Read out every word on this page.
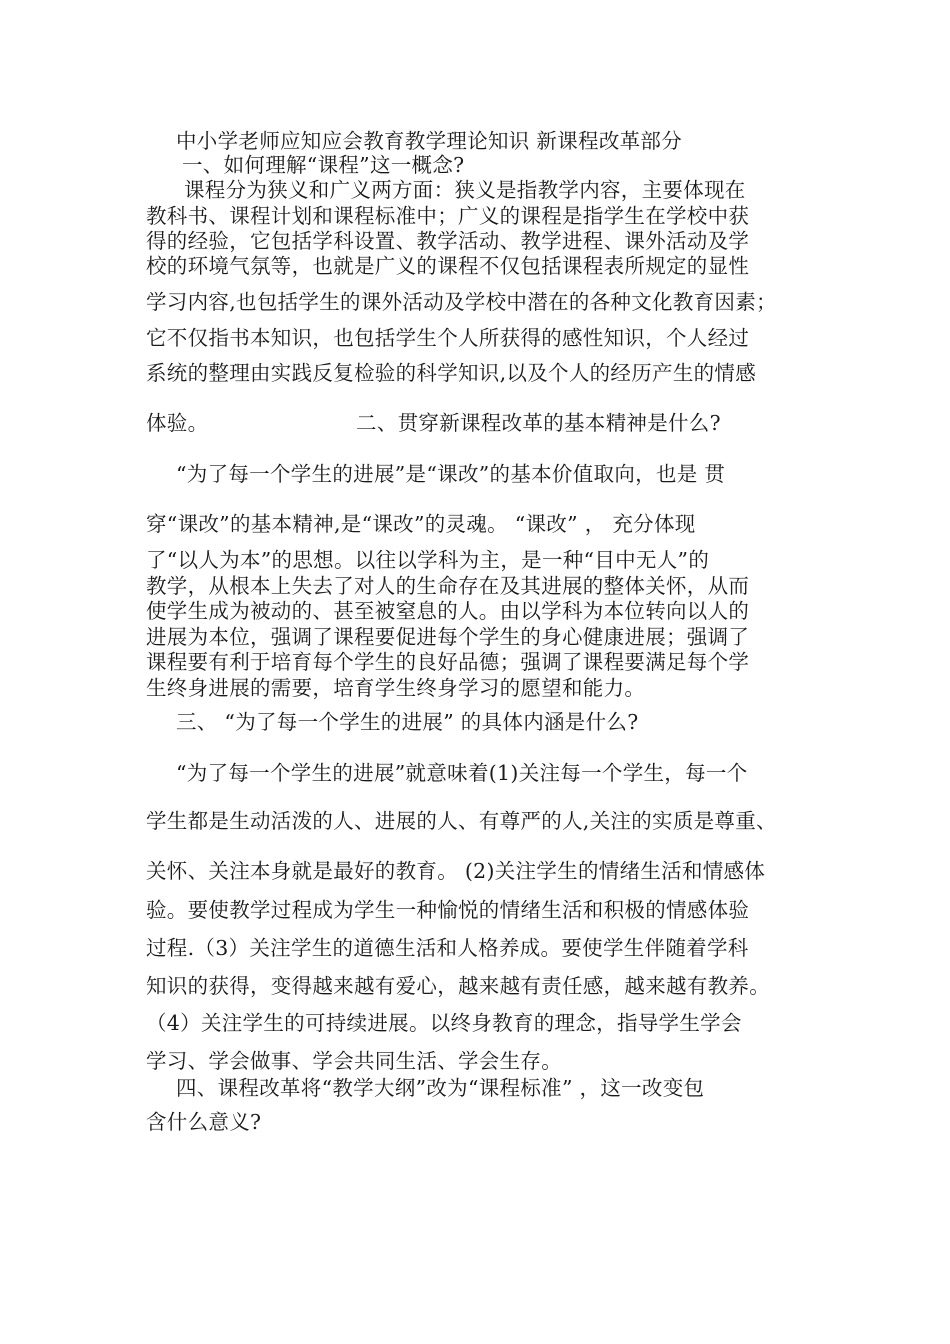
中小学老师应知应会教育教学理论知识 新课程改革部分
一、如何理解“课程”这一概念?
课程分为狭义和广义两方面：狭义是指教学内容，主要体现在
教科书、课程计划和课程标准中；广义的课程是指学生在学校中获
得的经验，它包括学科设置、教学活动、教学进程、课外活动及学
校的环境气氛等，也就是广义的课程不仅包括课程表所规定的显性
学习内容,也包括学生的课外活动及学校中潜在的各种文化教育因素；
它不仅指书本知识，也包括学生个人所获得的感性知识，个人经过
系统的整理由实践反复检验的科学知识,以及个人的经历产生的情感
体验。	二、贯穿新课程改革的基本精神是什么?
“为了每一个学生的进展”是“课改”的基本价值取向，也是 贯
穿“课改”的基本精神,是“课改”的灵魂。 “课改” ， 充分体现
了“以人为本”的思想。以往以学科为主，是一种“目中无人”的
教学，从根本上失去了对人的生命存在及其进展的整体关怀，从而
使学生成为被动的、甚至被窒息的人。由以学科为本位转向以人的
进展为本位，强调了课程要促进每个学生的身心健康进展；强调了
课程要有利于培育每个学生的良好品德；强调了课程要满足每个学
生终身进展的需要，培育学生终身学习的愿望和能力。
三、 “为了每一个学生的进展” 的具体内涵是什么?
“为了每一个学生的进展”就意味着(1)关注每一个学生，每一个
学生都是生动活泼的人、进展的人、有尊严的人,关注的实质是尊重、
关怀、关注本身就是最好的教育。 (2)关注学生的情绪生活和情感体
验。要使教学过程成为学生一种愉悦的情绪生活和积极的情感体验
过程.（3）关注学生的道德生活和人格养成。要使学生伴随着学科
知识的获得，变得越来越有爱心，越来越有责任感，越来越有教养。
（4）关注学生的可持续进展。以终身教育的理念，指导学生学会
学习、学会做事、学会共同生活、学会生存。
四、课程改革将“教学大纲”改为“课程标准” ，这一改变包
含什么意义?
